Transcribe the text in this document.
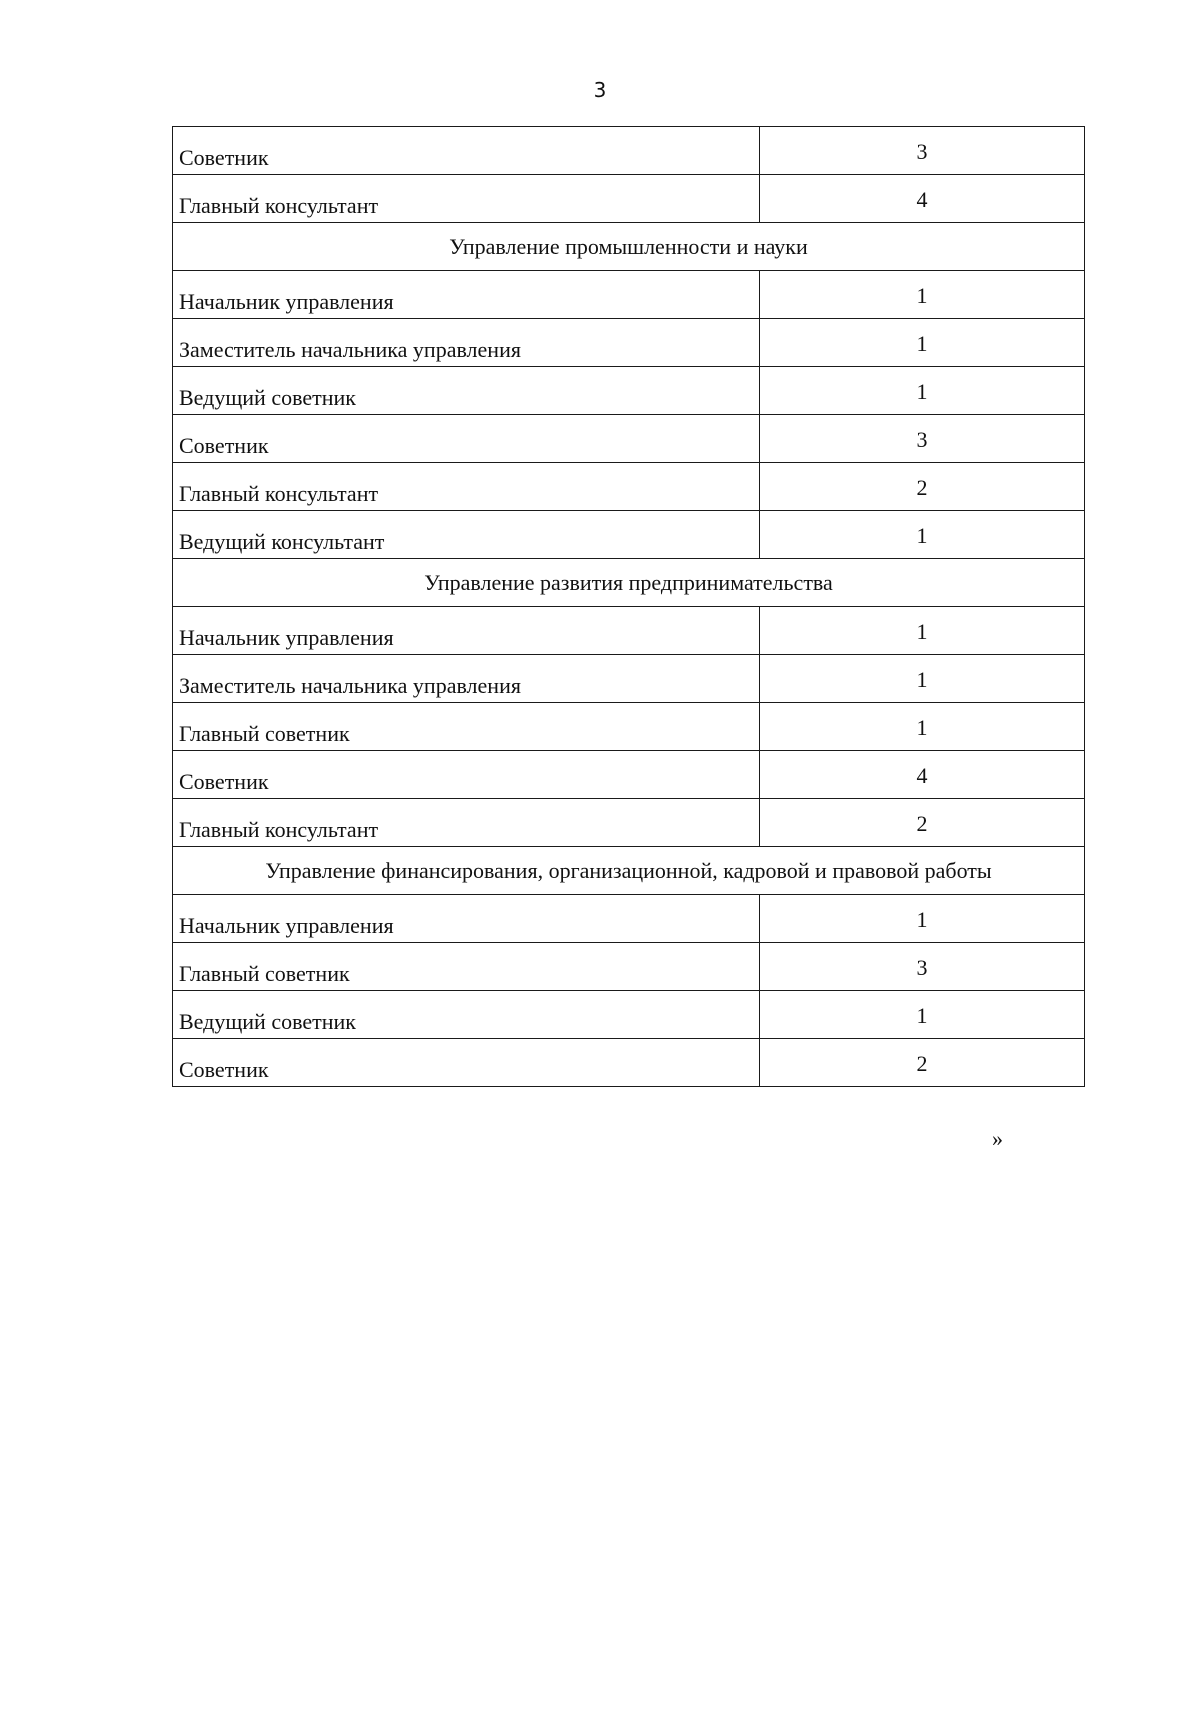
3
Советник	3
Главный консультант	4
Управление промышленности и науки	
Начальник управления	1
Заместитель начальника управления	1
Ведущий советник	1
Советник	3
Главный консультант	2
Ведущий консультант	1
Управление развития предпринимательства	
Начальник управления	1
Заместитель начальника управления	1
Главный советник	1
Советник	4
Главный консультант	2
Управление финансирования, организационной, кадровой и правовой работы	
Начальник управления	1
Главный советник	3
Ведущий советник	1
Советник	2
»
